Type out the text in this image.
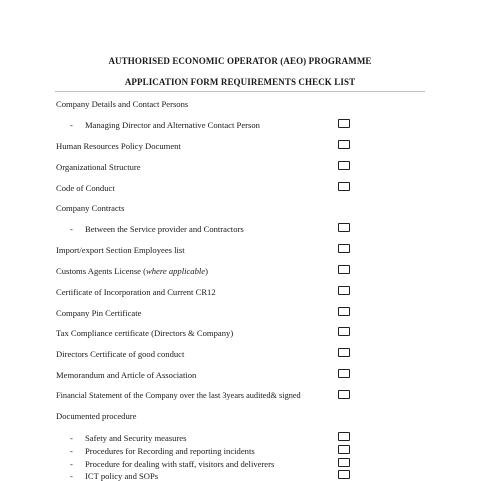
AUTHORISED ECONOMIC OPERATOR (AEO) PROGRAMME
APPLICATION FORM REQUIREMENTS CHECK LIST
Company Details and Contact Persons
- Managing Director and Alternative Contact Person
Human Resources Policy Document
Organizational Structure
Code of Conduct
Company Contracts
- Between the Service provider and Contractors
Import/export Section Employees list
Customs Agents License (where applicable)
Certificate of Incorporation and Current CR12
Company Pin Certificate
Tax Compliance certificate (Directors & Company)
Directors Certificate of good conduct
Memorandum and Article of Association
Financial Statement of the Company over the last 3years audited& signed
Documented procedure
- Safety and Security measures
- Procedures for Recording and reporting incidents
- Procedure for dealing with staff, visitors and deliverers
- ICT policy and SOPs
